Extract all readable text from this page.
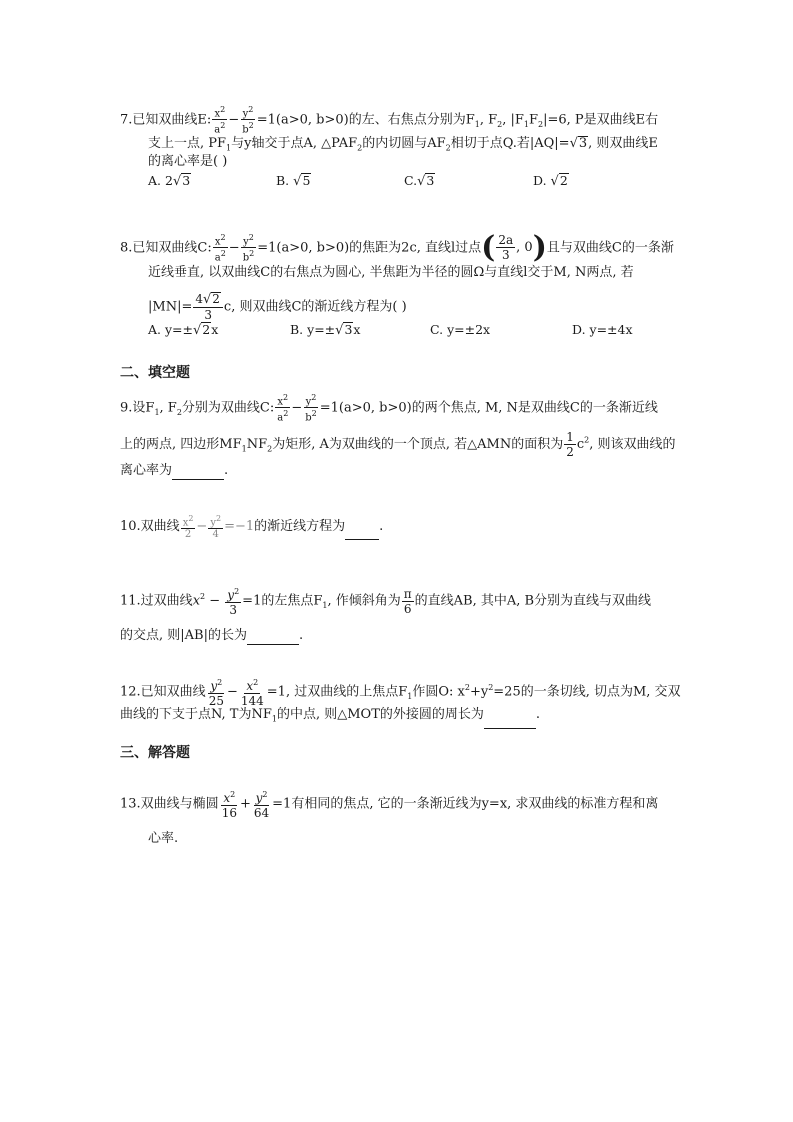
7.已知双曲线E: $\frac{x^2}{a^2} - \frac{y^2}{b^2} =1(a>0$, b>0)的左、右焦点分别为$F_1$, $F_2$, $|F_1F_2|=6$, P是双曲线E右
支上一点, $PF_1$与y轴交于点A, $\triangle PAF_2$的内切圆与$AF_2$相切于点Q.若|AQ|=√3, 则双曲线E
的离心率是( )
A. 2√3	B. √5	C.√3	D. √2
8.已知双曲线C: $\frac{x^2}{a^2} - \frac{y^2}{b^2} =1(a>0$, b>0)的焦距为2c, 直线l过点 ( 2a
3
, 0 ) 且与双曲线C的一条渐
近线垂直, 以双曲线C的右焦点为圆心, 半焦距为半径的圆Ω与直线l交于M, N两点, 若
$|MN|= \frac{4√2}{3} c$, 则双曲线C的渐近线方程为( )
A. y=±√2x	B. y=±√3x	C. y=±2x	D. y=±4x
二、填空题
9.设$F_1$, $F_2$分别为双曲线C: $\frac{x^2}{a^2} - \frac{y^2}{b^2} =1(a>0$, b>0)的两个焦点, M, N是双曲线C的一条渐近线
上的两点, 四边形$MF_1NF_2$为矩形, A为双曲线的一个顶点, 若△AMN的面积为 $\frac{1}{2} c^2$, 则该双曲线的
离心率为	.
10.双曲线 $\frac{x^2}{2} - \frac{y^2}{4} =-1$的渐近线方程为	.
11.过双曲线$x^2 - \frac{y^2}{3} =1$的左焦点$F_1$, 作倾斜角为 $\frac{\pi}{6}$ 的直线AB, 其中A, B分别为直线与双曲线
的交点, 则|AB|的长为	.
12.已知双曲线 $\frac{y^2}{25} - \frac{x^2}{144} =1$, 过双曲线的上焦点$F_1$作圆O: $x^2+y^2=25$的一条切线, 切点为M, 交双
曲线的下支于点N, T为$NF_1$的中点, 则△MOT的外接圆的周长为	.
三、解答题
13.双曲线与椭圆 $\frac{x^2}{16} + \frac{y^2}{64} =1$有相同的焦点, 它的一条渐近线为y=x, 求双曲线的标准方程和离
心率.
